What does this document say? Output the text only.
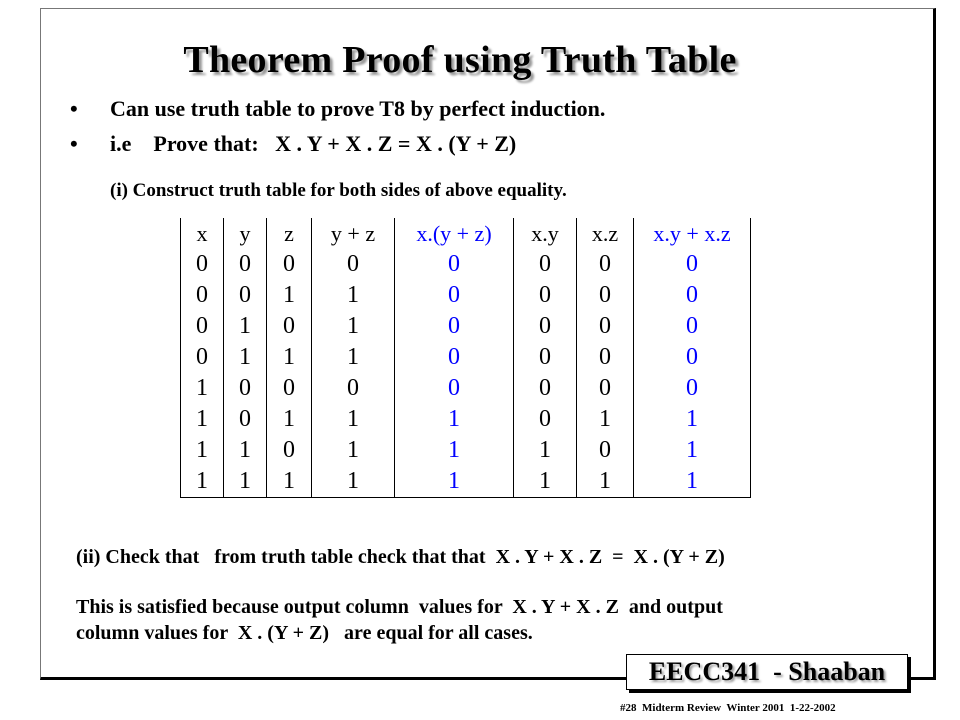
Theorem Proof using Truth Table
• Can use truth table to prove T8 by perfect induction.
• i.e    Prove that:   X . Y + X . Z = X . (Y + Z)
(i) Construct truth table for both sides of above equality.
x	y	z	y + z	x.(y + z)	x.y	x.z	x.y + x.z
0	0	0	0	0	0	0	0
0	0	1	1	0	0	0	0
0	1	0	1	0	0	0	0
0	1	1	1	0	0	0	0
1	0	0	0	0	0	0	0
1	0	1	1	1	0	1	1
1	1	0	1	1	1	0	1
1	1	1	1	1	1	1	1
(ii) Check that   from truth table check that that  X . Y + X . Z  =  X . (Y + Z)
This is satisfied because output column  values for  X . Y + X . Z  and output
column values for  X . (Y + Z)   are equal for all cases.
EECC341  - Shaaban
#28  Midterm Review  Winter 2001  1-22-2002
